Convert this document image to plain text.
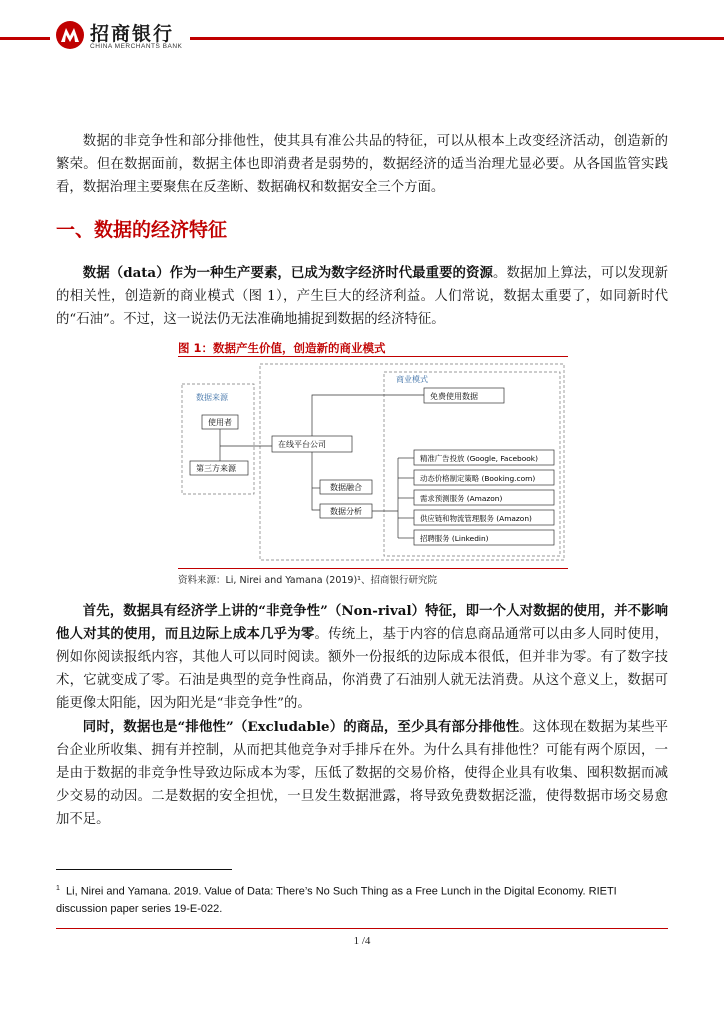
招商银行
CHINA MERCHANTS BANK

数据的非竞争性和部分排他性，使其具有准公共品的特征，可以从根本上改变经济活动，创造新的繁荣。但在数据面前，数据主体也即消费者是弱势的，数据经济的适当治理尤显必要。从各国监管实践看，数据治理主要聚焦在反垄断、数据确权和数据安全三个方面。

一、数据的经济特征

数据（data）作为一种生产要素，已成为数字经济时代最重要的资源。数据加上算法，可以发现新的相关性，创造新的商业模式（图 1），产生巨大的经济利益。人们常说，数据太重要了，如同新时代的“石油”。不过，这一说法仍无法准确地捕捉到数据的经济特征。

图 1：数据产生价值，创造新的商业模式
数据来源
商业模式
使用者
第三方来源
在线平台公司
免费使用数据
数据融合
数据分析
精准广告投放 (Google, Facebook)
动态价格制定策略 (Booking.com)
需求预测服务 (Amazon)
供应链和物流管理服务 (Amazon)
招聘服务 (Linkedin)
资料来源：Li, Nirei and Yamana (2019)¹、招商银行研究院

首先，数据具有经济学上讲的“非竞争性”（Non-rival）特征，即一个人对数据的使用，并不影响他人对其的使用，而且边际上成本几乎为零。传统上，基于内容的信息商品通常可以由多人同时使用，例如你阅读报纸内容，其他人可以同时阅读。额外一份报纸的边际成本很低，但并非为零。有了数字技术，它就变成了零。石油是典型的竞争性商品，你消费了石油别人就无法消费。从这个意义上，数据可能更像太阳能，因为阳光是“非竞争性”的。

同时，数据也是“排他性”（Excludable）的商品，至少具有部分排他性。这体现在数据为某些平台企业所收集、拥有并控制，从而把其他竞争对手排斥在外。为什么具有排他性？可能有两个原因，一是由于数据的非竞争性导致边际成本为零，压低了数据的交易价格，使得企业具有收集、囤积数据而减少交易的动因。二是数据的安全担忧，一旦发生数据泄露，将导致免费数据泛滥，使得数据市场交易愈加不足。

$^1$ Li, Nirei and Yamana. 2019. Value of Data: There’s No Such Thing as a Free Lunch in the Digital Economy. RIETI discussion paper series 19-E-022.
1 /4
